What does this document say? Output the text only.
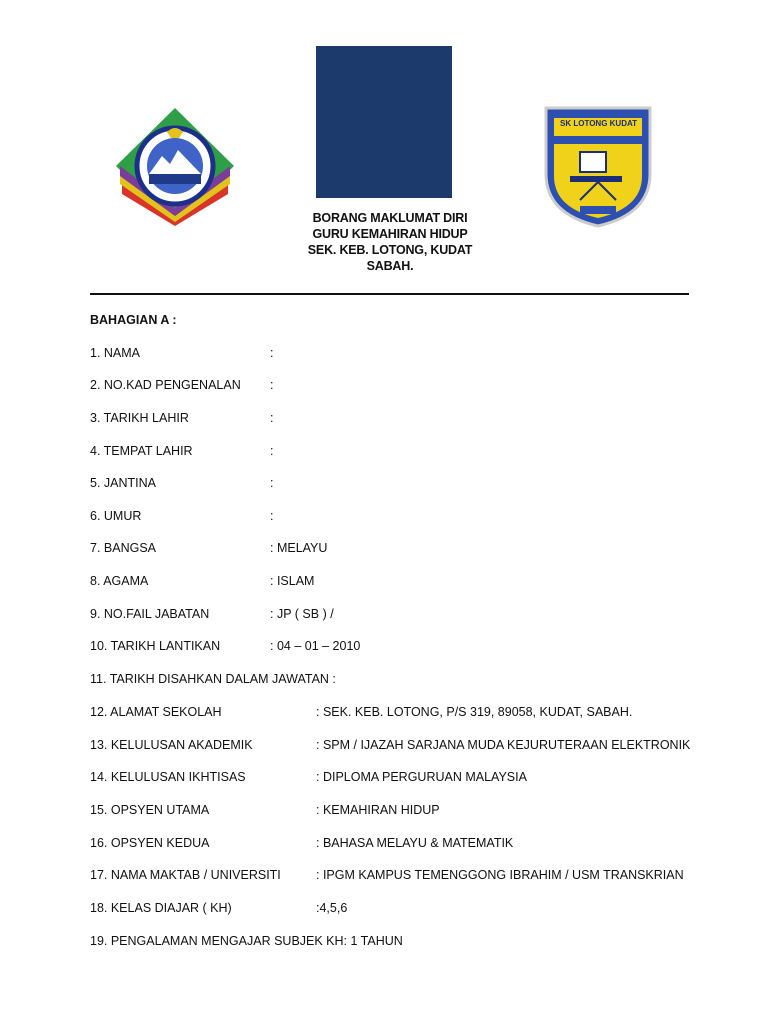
SK LOTONG KUDAT
BORANG MAKLUMAT DIRI
GURU KEMAHIRAN HIDUP
SEK. KEB. LOTONG, KUDAT
SABAH.
BAHAGIAN A :
1. NAMA	:
2. NO.KAD PENGENALAN :
3. TARIKH LAHIR	:
4. TEMPAT LAHIR	:
5. JANTINA	:
6. UMUR	:
7. BANGSA	: MELAYU
8. AGAMA	: ISLAM
9. NO.FAIL JABATAN	: JP ( SB ) /
10. TARIKH LANTIKAN	: 04 – 01 – 2010
11. TARIKH DISAHKAN DALAM JAWATAN :
12. ALAMAT SEKOLAH	: SEK. KEB. LOTONG, P/S 319, 89058, KUDAT, SABAH.
13. KELULUSAN AKADEMIK	: SPM / IJAZAH SARJANA MUDA KEJURUTERAAN ELEKTRONIK
14. KELULUSAN IKHTISAS	: DIPLOMA PERGURUAN MALAYSIA
15. OPSYEN UTAMA	: KEMAHIRAN HIDUP
16. OPSYEN KEDUA	: BAHASA MELAYU & MATEMATIK
17. NAMA MAKTAB / UNIVERSITI	: IPGM KAMPUS TEMENGGONG IBRAHIM / USM TRANSKRIAN
18. KELAS DIAJAR ( KH)	:4,5,6
19. PENGALAMAN MENGAJAR SUBJEK KH: 1 TAHUN
